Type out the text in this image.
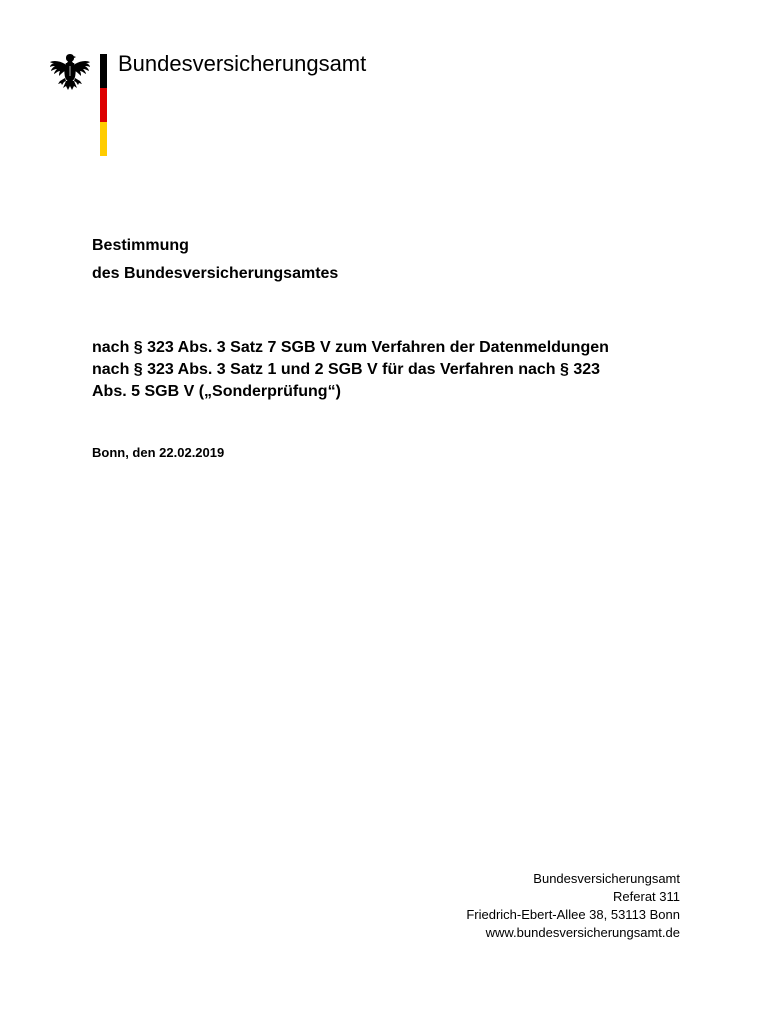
Bundesversicherungsamt
Bestimmung
des Bundesversicherungsamtes
nach § 323 Abs. 3 Satz 7 SGB V zum Verfahren der Datenmeldungen
nach § 323 Abs. 3 Satz 1 und 2 SGB V für das Verfahren nach § 323
Abs. 5 SGB V („Sonderprüfung“)
Bonn, den 22.02.2019
Bundesversicherungsamt
Referat 311
Friedrich-Ebert-Allee 38, 53113 Bonn
www.bundesversicherungsamt.de
